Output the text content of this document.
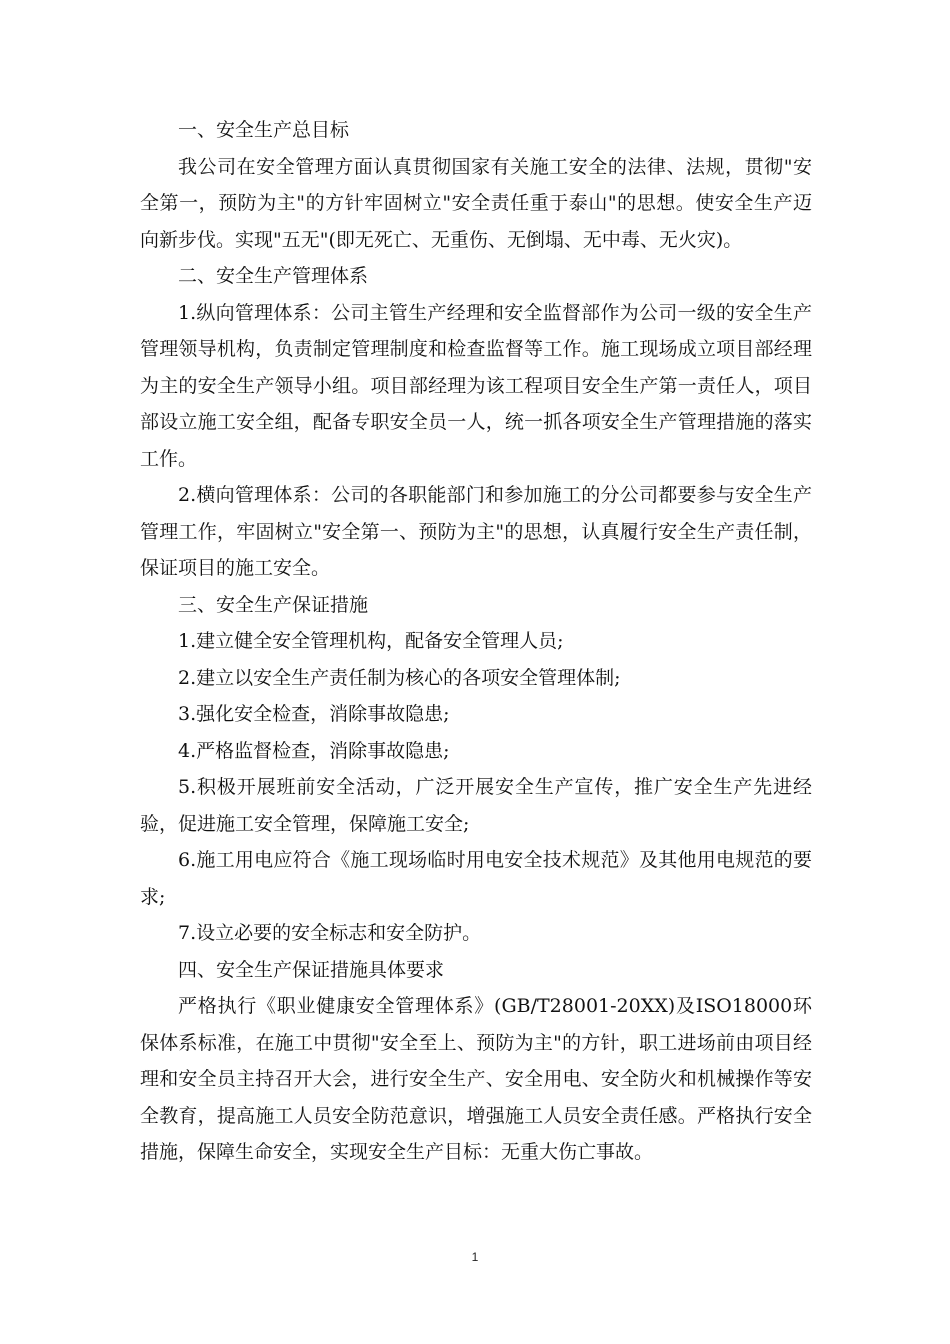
一、安全生产总目标

我公司在安全管理方面认真贯彻国家有关施工安全的法律、法规，贯彻"安全第一，预防为主"的方针牢固树立"安全责任重于泰山"的思想。使安全生产迈向新步伐。实现"五无"(即无死亡、无重伤、无倒塌、无中毒、无火灾)。

二、安全生产管理体系

1.纵向管理体系：公司主管生产经理和安全监督部作为公司一级的安全生产管理领导机构，负责制定管理制度和检查监督等工作。施工现场成立项目部经理为主的安全生产领导小组。项目部经理为该工程项目安全生产第一责任人，项目部设立施工安全组，配备专职安全员一人，统一抓各项安全生产管理措施的落实工作。

2.横向管理体系：公司的各职能部门和参加施工的分公司都要参与安全生产管理工作，牢固树立"安全第一、预防为主"的思想，认真履行安全生产责任制，保证项目的施工安全。

三、安全生产保证措施

1.建立健全安全管理机构，配备安全管理人员;

2.建立以安全生产责任制为核心的各项安全管理体制;

3.强化安全检查，消除事故隐患;

4.严格监督检查，消除事故隐患;

5.积极开展班前安全活动，广泛开展安全生产宣传，推广安全生产先进经验，促进施工安全管理，保障施工安全;

6.施工用电应符合《施工现场临时用电安全技术规范》及其他用电规范的要求;

7.设立必要的安全标志和安全防护。

四、安全生产保证措施具体要求

严格执行《职业健康安全管理体系》(GB/T28001-20XX)及ISO18000环保体系标准，在施工中贯彻"安全至上、预防为主"的方针，职工进场前由项目经理和安全员主持召开大会，进行安全生产、安全用电、安全防火和机械操作等安全教育，提高施工人员安全防范意识，增强施工人员安全责任感。严格执行安全措施，保障生命安全，实现安全生产目标：无重大伤亡事故。

1
